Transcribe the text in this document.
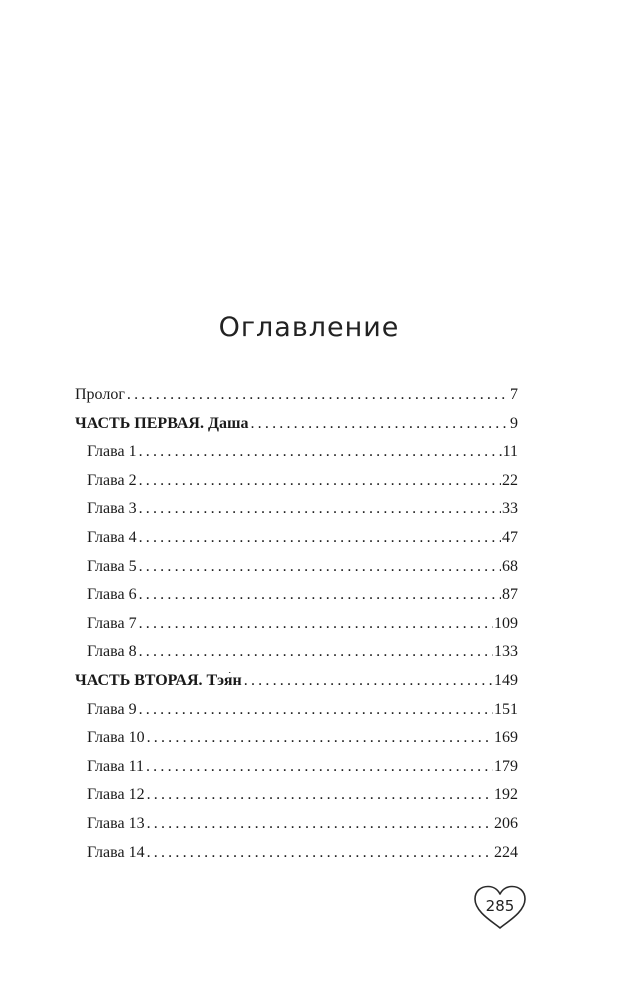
Оглавление
Пролог .....	7
ЧАСТЬ ПЕРВАЯ. Даша .....	9
Глава 1 .....	11
Глава 2 .....	22
Глава 3 .....	33
Глава 4 .....	47
Глава 5 .....	68
Глава 6 .....	87
Глава 7 .....	109
Глава 8 .....	133
ЧАСТЬ ВТОРАЯ. Тэя́н .....	149
Глава 9 .....	151
Глава 10 .....	169
Глава 11 .....	179
Глава 12 .....	192
Глава 13 .....	206
Глава 14 .....	224
285
